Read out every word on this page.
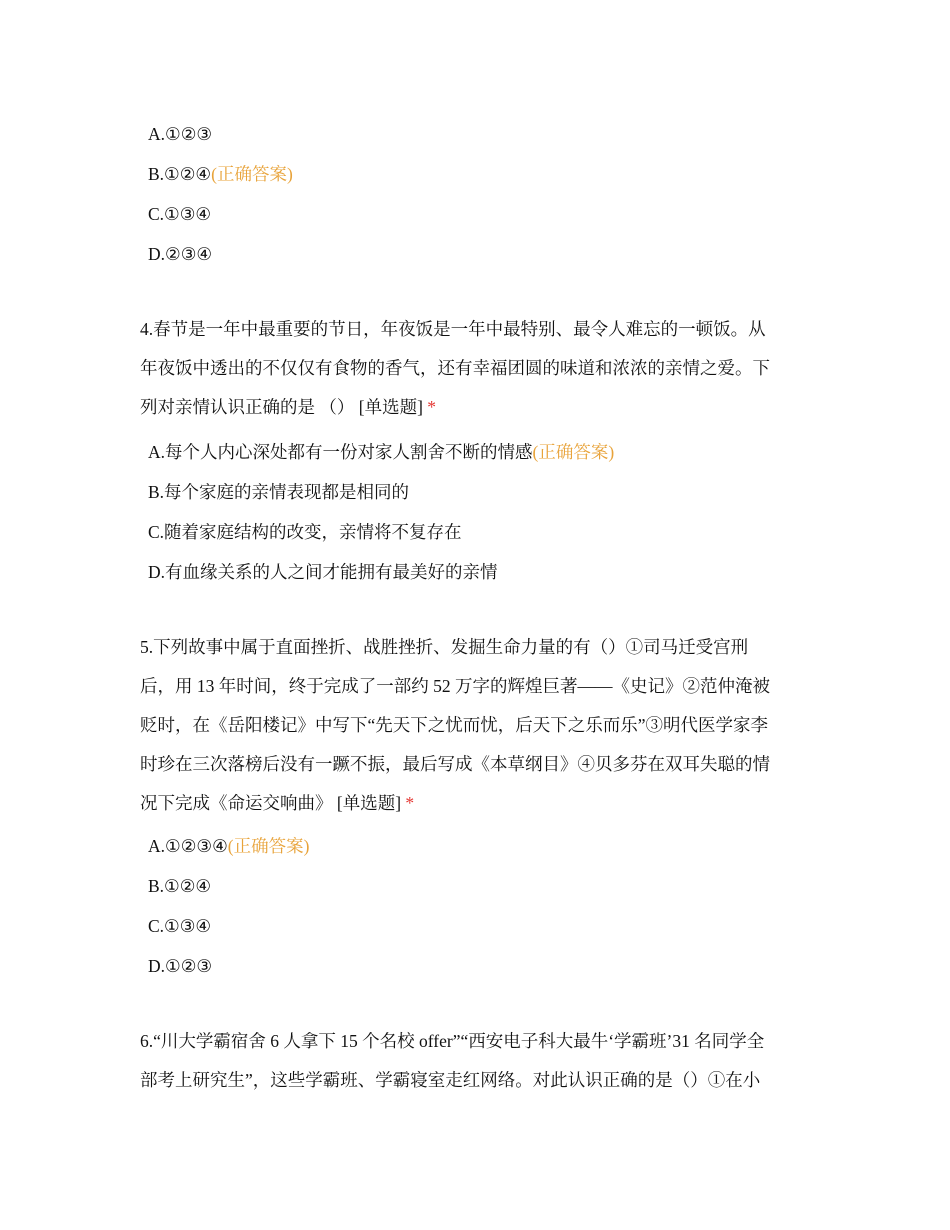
A.①②③
B.①②④(正确答案)
C.①③④
D.②③④
4.春节是一年中最重要的节日，年夜饭是一年中最特别、最令人难忘的一顿饭。从
年夜饭中透出的不仅仅有食物的香气，还有幸福团圆的味道和浓浓的亲情之爱。下
列对亲情认识正确的是 （） [单选题] *
A.每个人内心深处都有一份对家人割舍不断的情感(正确答案)
B.每个家庭的亲情表现都是相同的
C.随着家庭结构的改变，亲情将不复存在
D.有血缘关系的人之间才能拥有最美好的亲情
5.下列故事中属于直面挫折、战胜挫折、发掘生命力量的有（）①司马迁受宫刑
后，用 13 年时间，终于完成了一部约 52 万字的辉煌巨著——《史记》②范仲淹被
贬时，在《岳阳楼记》中写下“先天下之忧而忧，后天下之乐而乐”③明代医学家李
时珍在三次落榜后没有一蹶不振，最后写成《本草纲目》④贝多芬在双耳失聪的情
况下完成《命运交响曲》 [单选题] *
A.①②③④(正确答案)
B.①②④
C.①③④
D.①②③
6.“川大学霸宿舍 6 人拿下 15 个名校 offer”“西安电子科大最牛‘学霸班’31 名同学全
部考上研究生”，这些学霸班、学霸寝室走红网络。对此认识正确的是（）①在小
